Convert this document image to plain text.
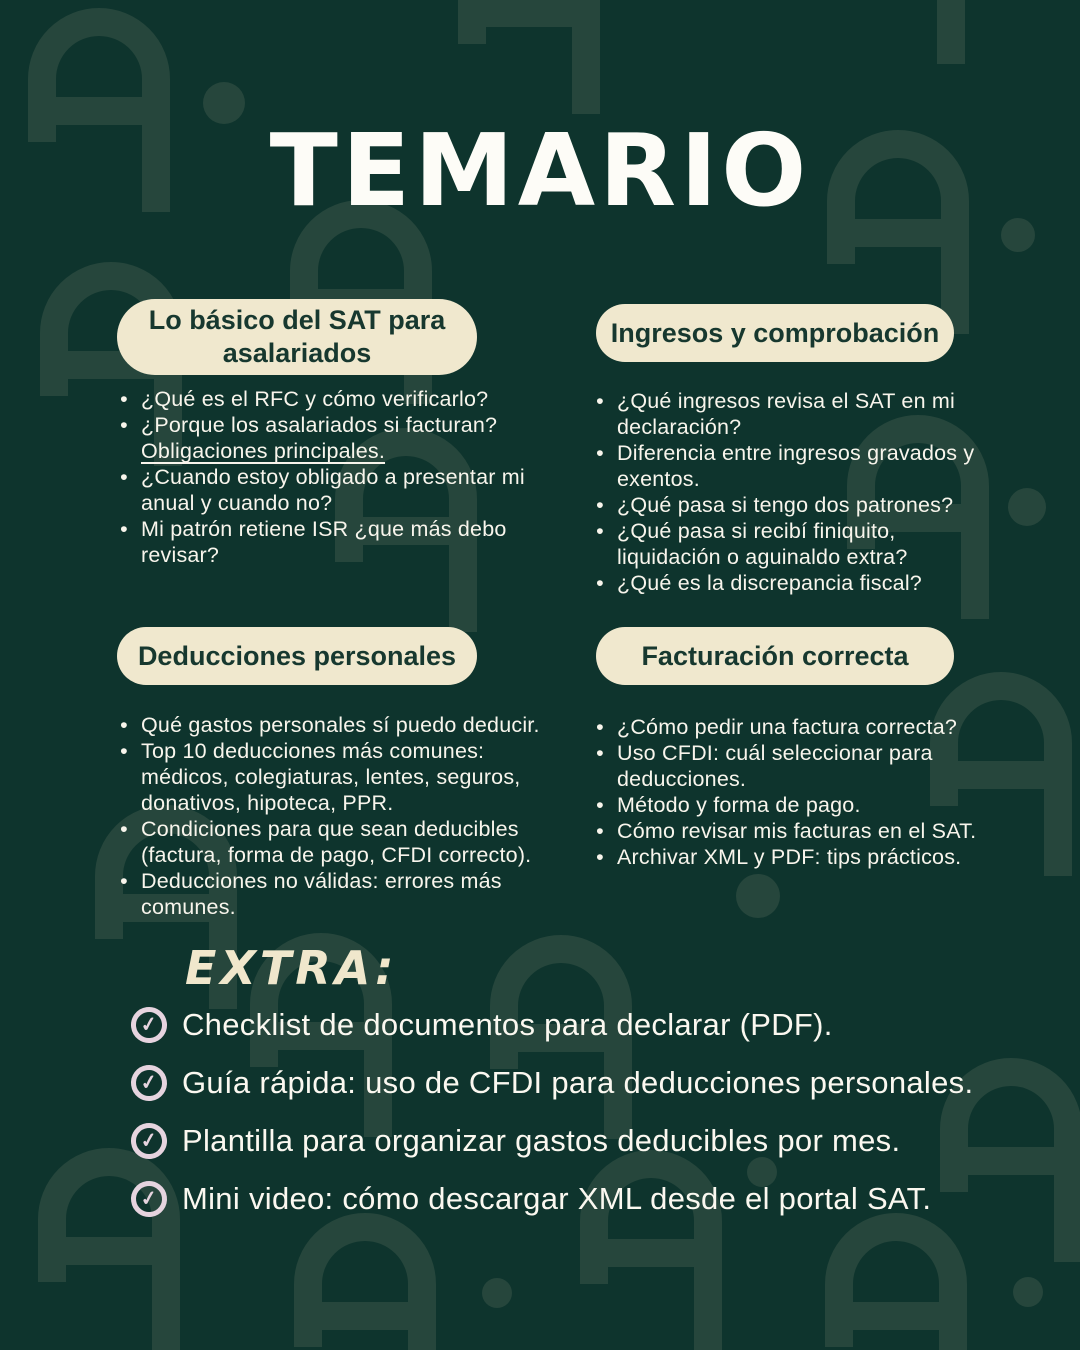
TEMARIO
Lo básico del SAT para asalariados
Ingresos y comprobación
Deducciones personales	Facturación correcta
• ¿Qué es el RFC y cómo verificarlo?
• ¿Porque los asalariados si facturan? Obligaciones principales.
• ¿Cuando estoy obligado a presentar mi anual y cuando no?
• Mi patrón retiene ISR ¿que más debo revisar?
• ¿Qué ingresos revisa el SAT en mi declaración?
• Diferencia entre ingresos gravados y exentos.
• ¿Qué pasa si tengo dos patrones?
• ¿Qué pasa si recibí finiquito, liquidación o aguinaldo extra?
• ¿Qué es la discrepancia fiscal?
• Qué gastos personales sí puedo deducir.
• Top 10 deducciones más comunes: médicos, colegiaturas, lentes, seguros, donativos, hipoteca, PPR.
• Condiciones para que sean deducibles (factura, forma de pago, CFDI correcto).
• Deducciones no válidas: errores más comunes.
• ¿Cómo pedir una factura correcta?
• Uso CFDI: cuál seleccionar para deducciones.
• Método y forma de pago.
• Cómo revisar mis facturas en el SAT.
• Archivar XML y PDF: tips prácticos.
EXTRA:
✓ Checklist de documentos para declarar (PDF).
✓ Guía rápida: uso de CFDI para deducciones personales.
✓ Plantilla para organizar gastos deducibles por mes.
✓ Mini video: cómo descargar XML desde el portal SAT.
